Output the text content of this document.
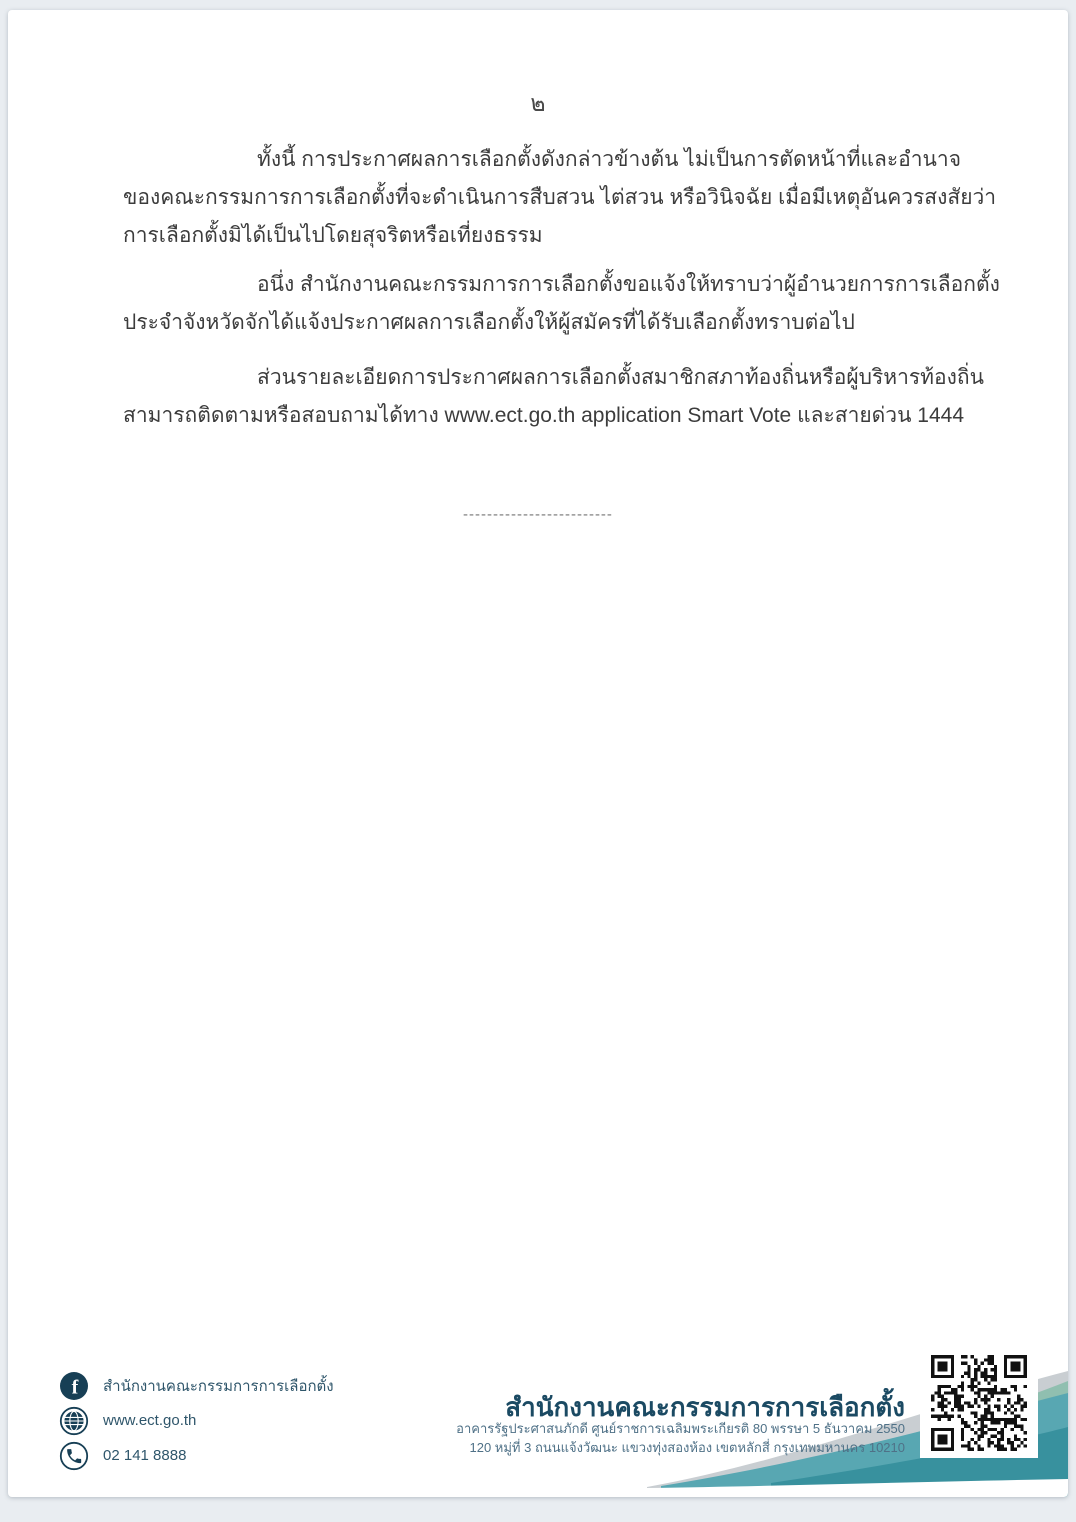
๒
ทั้งนี้ การประกาศผลการเลือกตั้งดังกล่าวข้างต้น ไม่เป็นการตัดหน้าที่และอำนาจ
ของคณะกรรมการการเลือกตั้งที่จะดำเนินการสืบสวน ไต่สวน หรือวินิจฉัย เมื่อมีเหตุอันควรสงสัยว่า
การเลือกตั้งมิได้เป็นไปโดยสุจริตหรือเที่ยงธรรม
อนึ่ง สำนักงานคณะกรรมการการเลือกตั้งขอแจ้งให้ทราบว่าผู้อำนวยการการเลือกตั้ง
ประจำจังหวัดจักได้แจ้งประกาศผลการเลือกตั้งให้ผู้สมัครที่ได้รับเลือกตั้งทราบต่อไป
ส่วนรายละเอียดการประกาศผลการเลือกตั้งสมาชิกสภาท้องถิ่นหรือผู้บริหารท้องถิ่น
สามารถติดตามหรือสอบถามได้ทาง www.ect.go.th application Smart Vote และสายด่วน 1444
-------------------------
f สำนักงานคณะกรรมการการเลือกตั้ง
www.ect.go.th
02 141 8888
สำนักงานคณะกรรมการการเลือกตั้ง
อาคารรัฐประศาสนภักดี ศูนย์ราชการเฉลิมพระเกียรติ 80 พรรษา 5 ธันวาคม 2550
120 หมู่ที่ 3 ถนนแจ้งวัฒนะ แขวงทุ่งสองห้อง เขตหลักสี่ กรุงเทพมหานคร 10210
